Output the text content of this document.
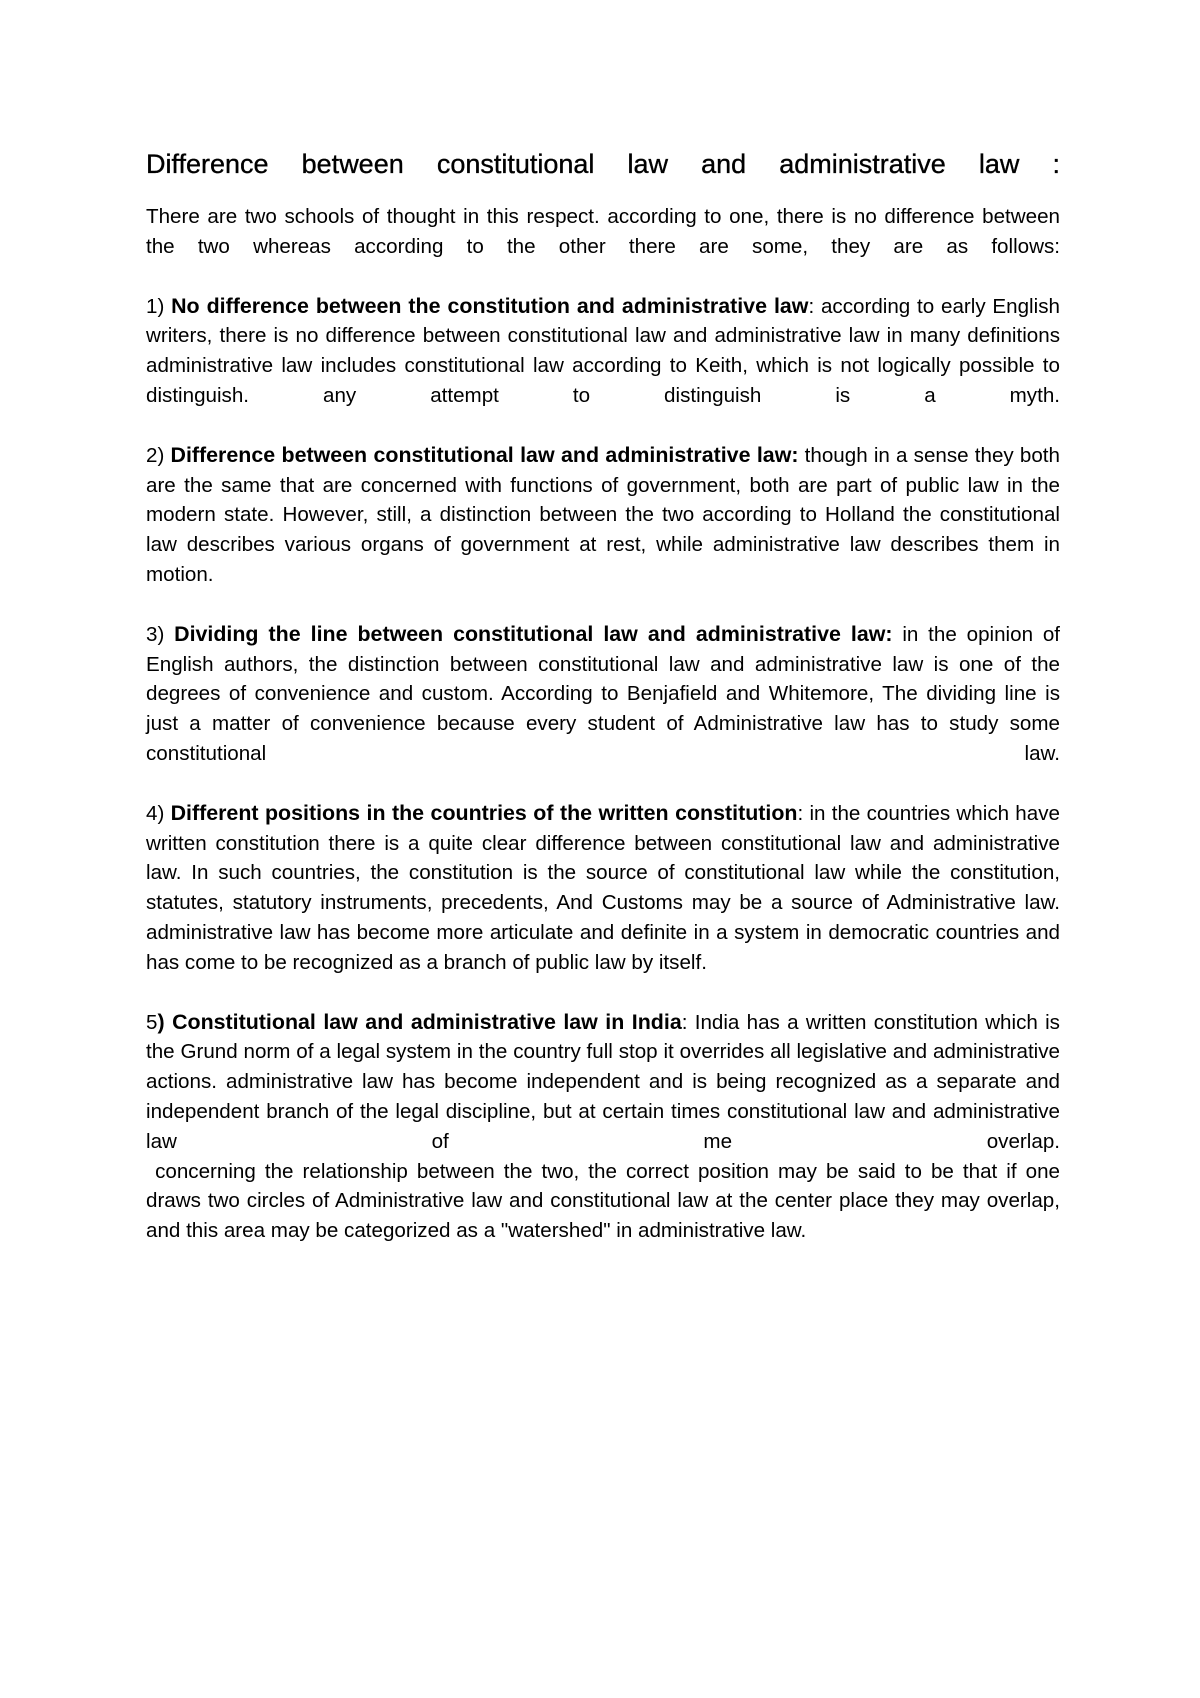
Difference between constitutional law and administrative law :

There are two schools of thought in this respect. according to one, there is no difference between the two whereas according to the other there are some, they are as follows:

1) No difference between the constitution and administrative law: according to early English writers, there is no difference between constitutional law and administrative law in many definitions administrative law includes constitutional law according to Keith, which is not logically possible to distinguish. any attempt to distinguish is a myth.

2) Difference between constitutional law and administrative law: though in a sense they both are the same that are concerned with functions of government, both are part of public law in the modern state. However, still, a distinction between the two according to Holland the constitutional law describes various organs of government at rest, while administrative law describes them in motion.

3) Dividing the line between constitutional law and administrative law: in the opinion of English authors, the distinction between constitutional law and administrative law is one of the degrees of convenience and custom. According to Benjafield and Whitemore, The dividing line is just a matter of convenience because every student of Administrative law has to study some constitutional law.

4) Different positions in the countries of the written constitution: in the countries which have written constitution there is a quite clear difference between constitutional law and administrative law. In such countries, the constitution is the source of constitutional law while the constitution, statutes, statutory instruments, precedents, And Customs may be a source of Administrative law. administrative law has become more articulate and definite in a system in democratic countries and has come to be recognized as a branch of public law by itself.

5) Constitutional law and administrative law in India: India has a written constitution which is the Grund norm of a legal system in the country full stop it overrides all legislative and administrative actions. administrative law has become independent and is being recognized as a separate and independent branch of the legal discipline, but at certain times constitutional law and administrative law of me overlap.
concerning the relationship between the two, the correct position may be said to be that if one draws two circles of Administrative law and constitutional law at the center place they may overlap, and this area may be categorized as a "watershed" in administrative law.
